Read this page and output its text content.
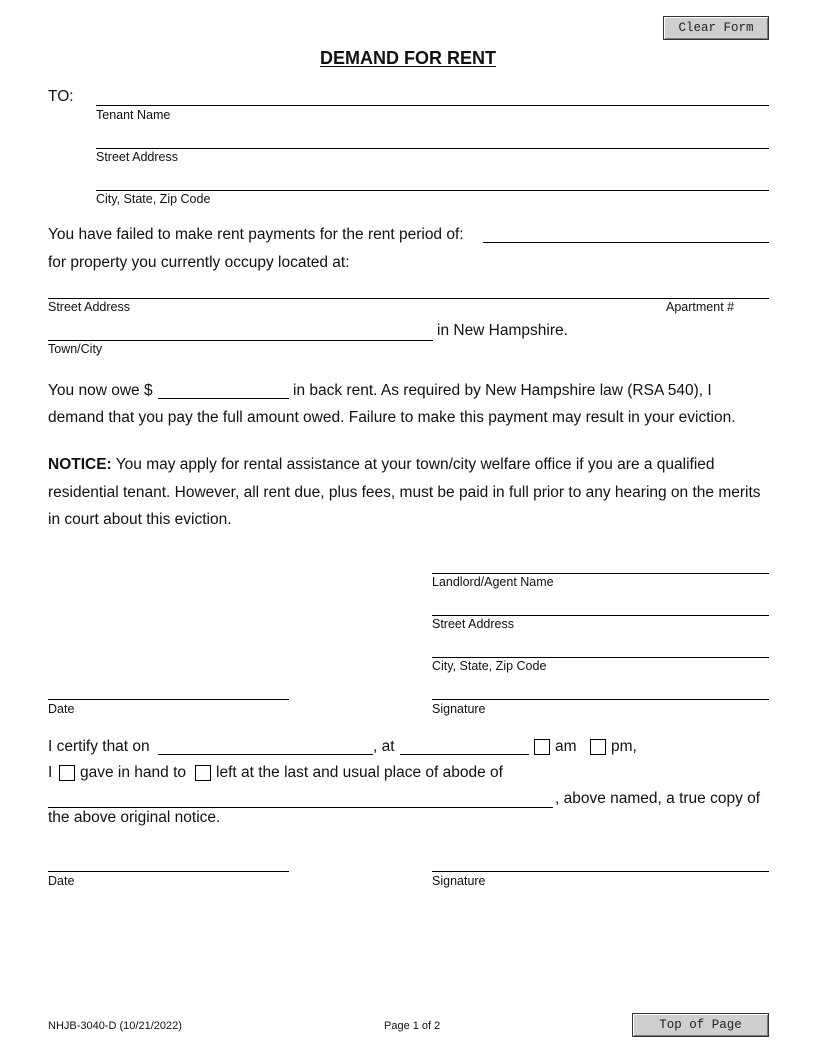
Clear Form
DEMAND FOR RENT
TO:
Tenant Name
Street Address
City, State, Zip Code
You have failed to make rent payments for the rent period of:
for property you currently occupy located at:
Street Address	Apartment #
in New Hampshire.
Town/City
You now owe $	in back rent. As required by New Hampshire law (RSA 540), I
demand that you pay the full amount owed. Failure to make this payment may result in your eviction.
NOTICE: You may apply for rental assistance at your town/city welfare office if you are a qualified residential tenant. However, all rent due, plus fees, must be paid in full prior to any hearing on the merits in court about this eviction.
Landlord/Agent Name
Street Address
City, State, Zip Code
Date	Signature
I certify that on	, at	am pm,
I gave in hand to left at the last and usual place of abode of
, above named, a true copy of
the above original notice.
Date	Signature
NHJB-3040-D (10/21/2022)	Page 1 of 2	Top of Page
